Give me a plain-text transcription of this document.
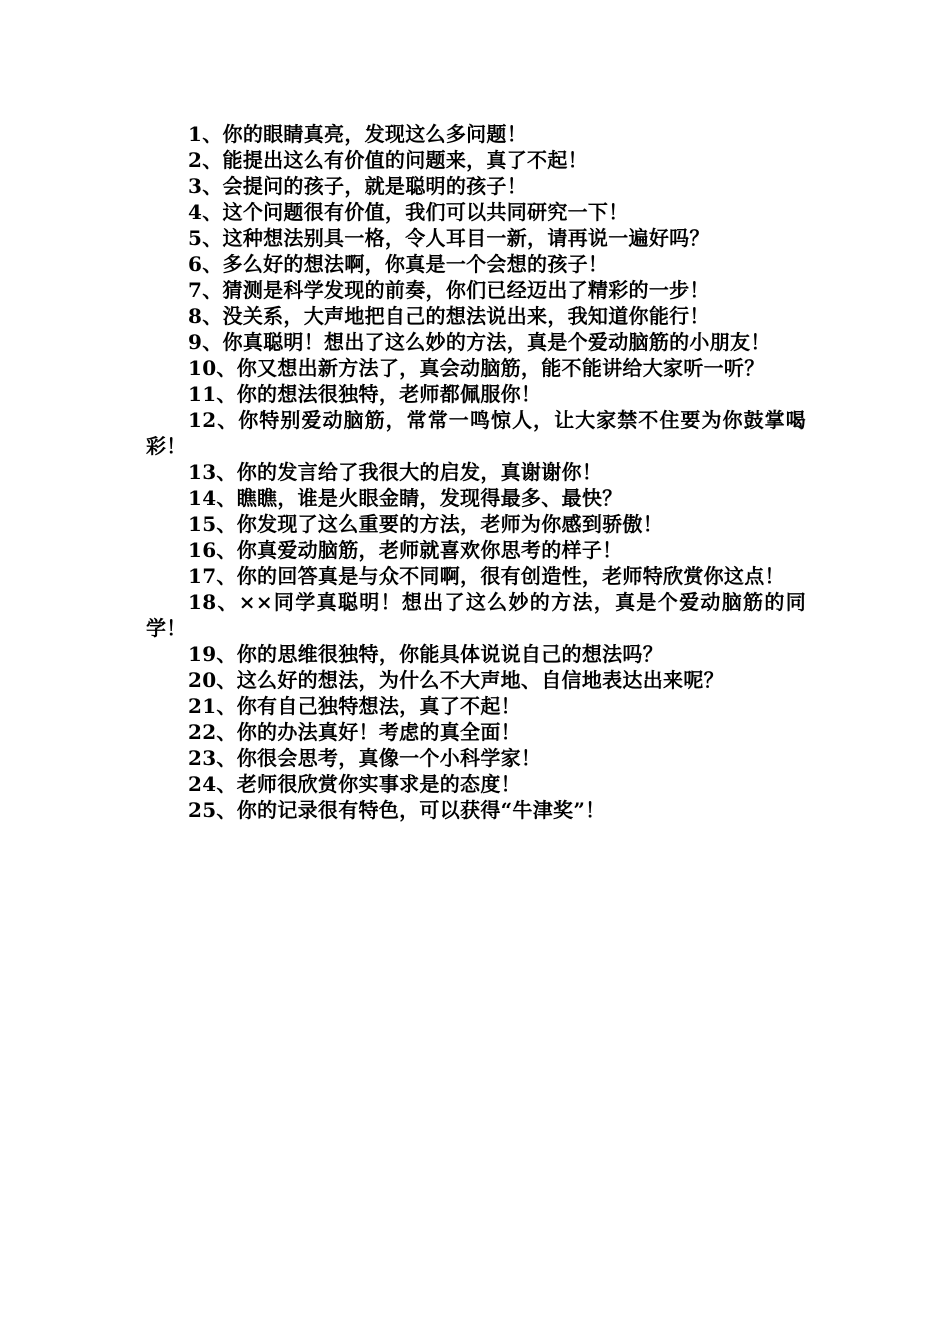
1、你的眼睛真亮，发现这么多问题！

2、能提出这么有价值的问题来，真了不起！

3、会提问的孩子，就是聪明的孩子！

4、这个问题很有价值，我们可以共同研究一下！

5、这种想法别具一格，令人耳目一新，请再说一遍好吗？

6、多么好的想法啊，你真是一个会想的孩子！

7、猜测是科学发现的前奏，你们已经迈出了精彩的一步！

8、没关系，大声地把自己的想法说出来，我知道你能行！

9、你真聪明！想出了这么妙的方法，真是个爱动脑筋的小朋友！

10、你又想出新方法了，真会动脑筋，能不能讲给大家听一听？

11、你的想法很独特，老师都佩服你！

12、你特别爱动脑筋，常常一鸣惊人，让大家禁不住要为你鼓掌喝彩！

13、你的发言给了我很大的启发，真谢谢你！

14、瞧瞧，谁是火眼金睛，发现得最多、最快？

15、你发现了这么重要的方法，老师为你感到骄傲！

16、你真爱动脑筋，老师就喜欢你思考的样子！

17、你的回答真是与众不同啊，很有创造性，老师特欣赏你这点！

18、××同学真聪明！想出了这么妙的方法，真是个爱动脑筋的同学！

19、你的思维很独特，你能具体说说自己的想法吗？

20、这么好的想法，为什么不大声地、自信地表达出来呢？

21、你有自己独特想法，真了不起！

22、你的办法真好！考虑的真全面！

23、你很会思考，真像一个小科学家！

24、老师很欣赏你实事求是的态度！

25、你的记录很有特色，可以获得“牛津奖”！
